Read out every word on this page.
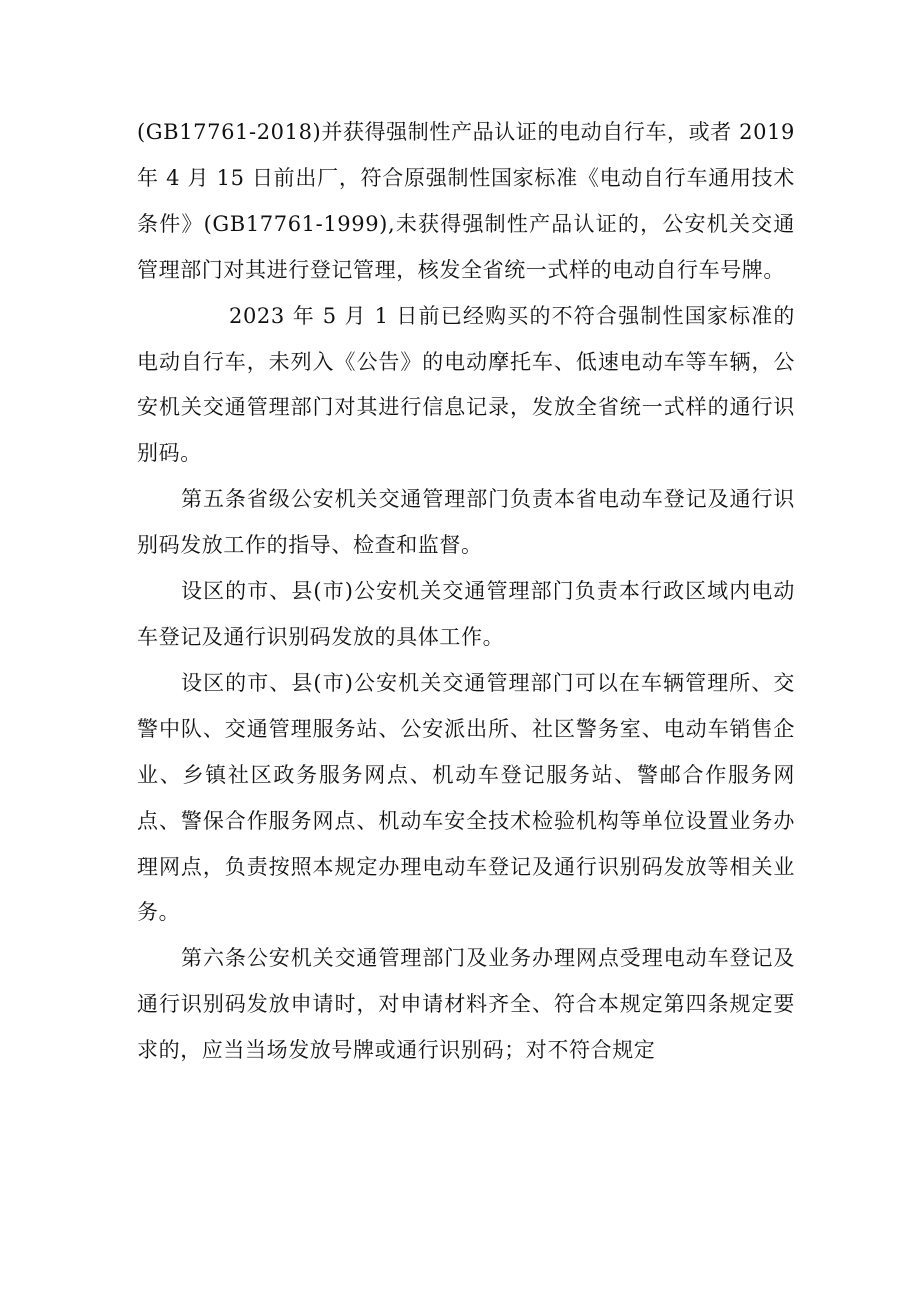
(GB17761-2018)并获得强制性产品认证的电动自行车，或者 2019年 4 月 15 日前出厂，符合原强制性国家标准《电动自行车通用技术条件》(GB17761-1999),未获得强制性产品认证的，公安机关交通管理部门对其进行登记管理，核发全省统一式样的电动自行车号牌。

2023 年 5 月 1 日前已经购买的不符合强制性国家标准的电动自行车，未列入《公告》的电动摩托车、低速电动车等车辆，公安机关交通管理部门对其进行信息记录，发放全省统一式样的通行识别码。

第五条省级公安机关交通管理部门负责本省电动车登记及通行识别码发放工作的指导、检查和监督。

设区的市、县(市)公安机关交通管理部门负责本行政区域内电动车登记及通行识别码发放的具体工作。

设区的市、县(市)公安机关交通管理部门可以在车辆管理所、交警中队、交通管理服务站、公安派出所、社区警务室、电动车销售企业、乡镇社区政务服务网点、机动车登记服务站、警邮合作服务网点、警保合作服务网点、机动车安全技术检验机构等单位设置业务办理网点，负责按照本规定办理电动车登记及通行识别码发放等相关业务。

第六条公安机关交通管理部门及业务办理网点受理电动车登记及通行识别码发放申请时，对申请材料齐全、符合本规定第四条规定要求的，应当当场发放号牌或通行识别码；对不符合规定
